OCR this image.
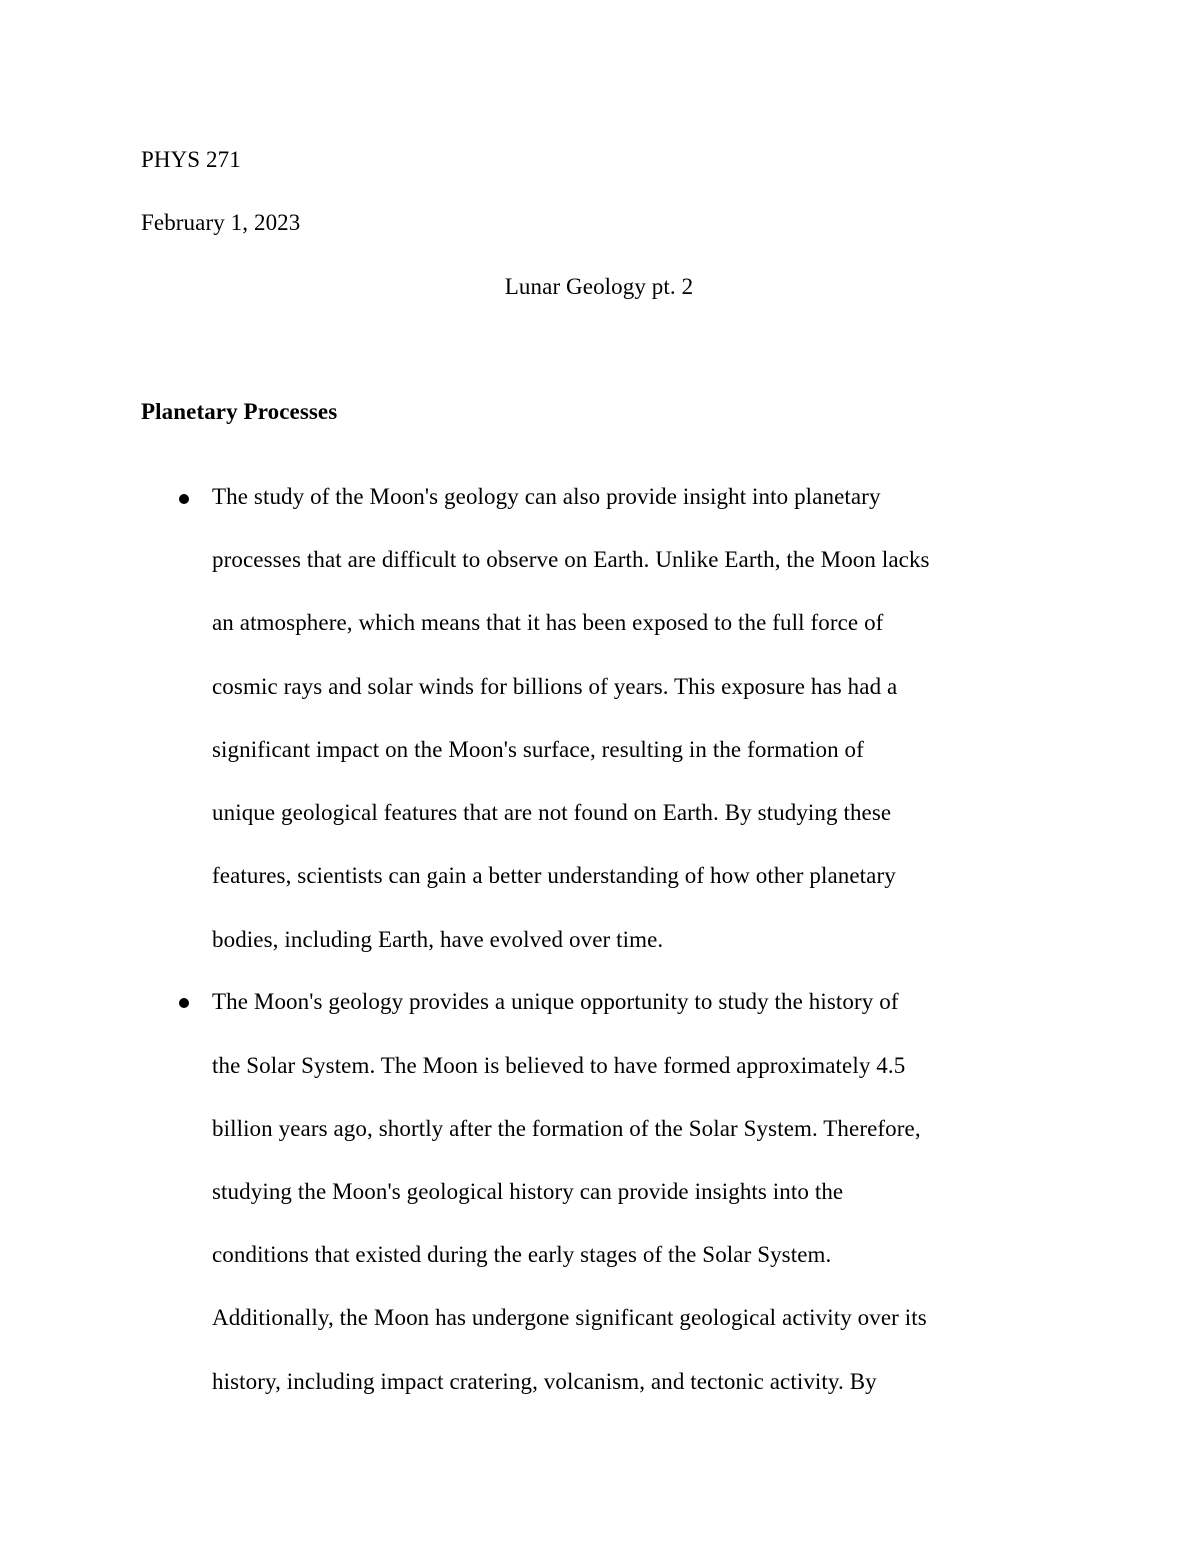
PHYS 271
February 1, 2023
Lunar Geology pt. 2
Planetary Processes
The study of the Moon's geology can also provide insight into planetary
processes that are difficult to observe on Earth. Unlike Earth, the Moon lacks
an atmosphere, which means that it has been exposed to the full force of
cosmic rays and solar winds for billions of years. This exposure has had a
significant impact on the Moon's surface, resulting in the formation of
unique geological features that are not found on Earth. By studying these
features, scientists can gain a better understanding of how other planetary
bodies, including Earth, have evolved over time.
The Moon's geology provides a unique opportunity to study the history of
the Solar System. The Moon is believed to have formed approximately 4.5
billion years ago, shortly after the formation of the Solar System. Therefore,
studying the Moon's geological history can provide insights into the
conditions that existed during the early stages of the Solar System.
Additionally, the Moon has undergone significant geological activity over its
history, including impact cratering, volcanism, and tectonic activity. By
